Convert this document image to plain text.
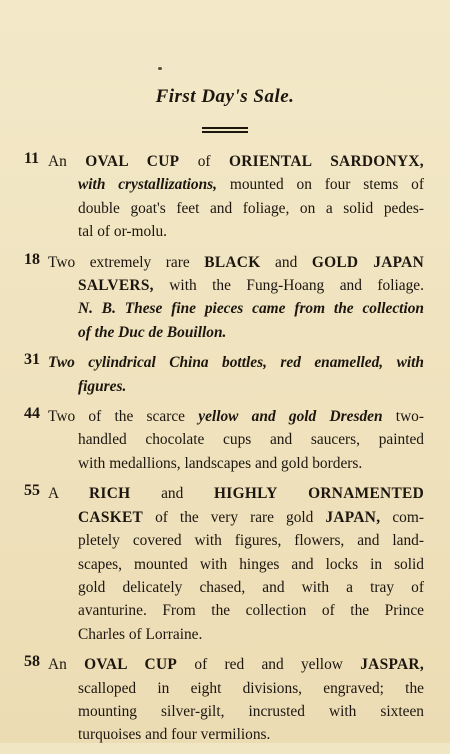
First Day's Sale.
11 An OVAL CUP of ORIENTAL SARDONYX,
with crystallizations, mounted on four stems of
double goat's feet and foliage, on a solid pedes-
tal of or-molu.
18 Two extremely rare BLACK and GOLD JAPAN
SALVERS, with the Fung-Hoang and foliage.
N. B. These fine pieces came from the collection
of the Duc de Bouillon.
31 Two cylindrical China bottles, red enamelled, with
figures.
44 Two of the scarce yellow and gold Dresden two-
handled chocolate cups and saucers, painted
with medallions, landscapes and gold borders.
55 A RICH and HIGHLY ORNAMENTED
CASKET of the very rare gold JAPAN, com-
pletely covered with figures, flowers, and land-
scapes, mounted with hinges and locks in solid
gold delicately chased, and with a tray of
avanturine. From the collection of the Prince
Charles of Lorraine.
58 An OVAL CUP of red and yellow JASPAR,
scalloped in eight divisions, engraved; the
mounting silver-gilt, incrusted with sixteen
turquoises and four vermilions.
